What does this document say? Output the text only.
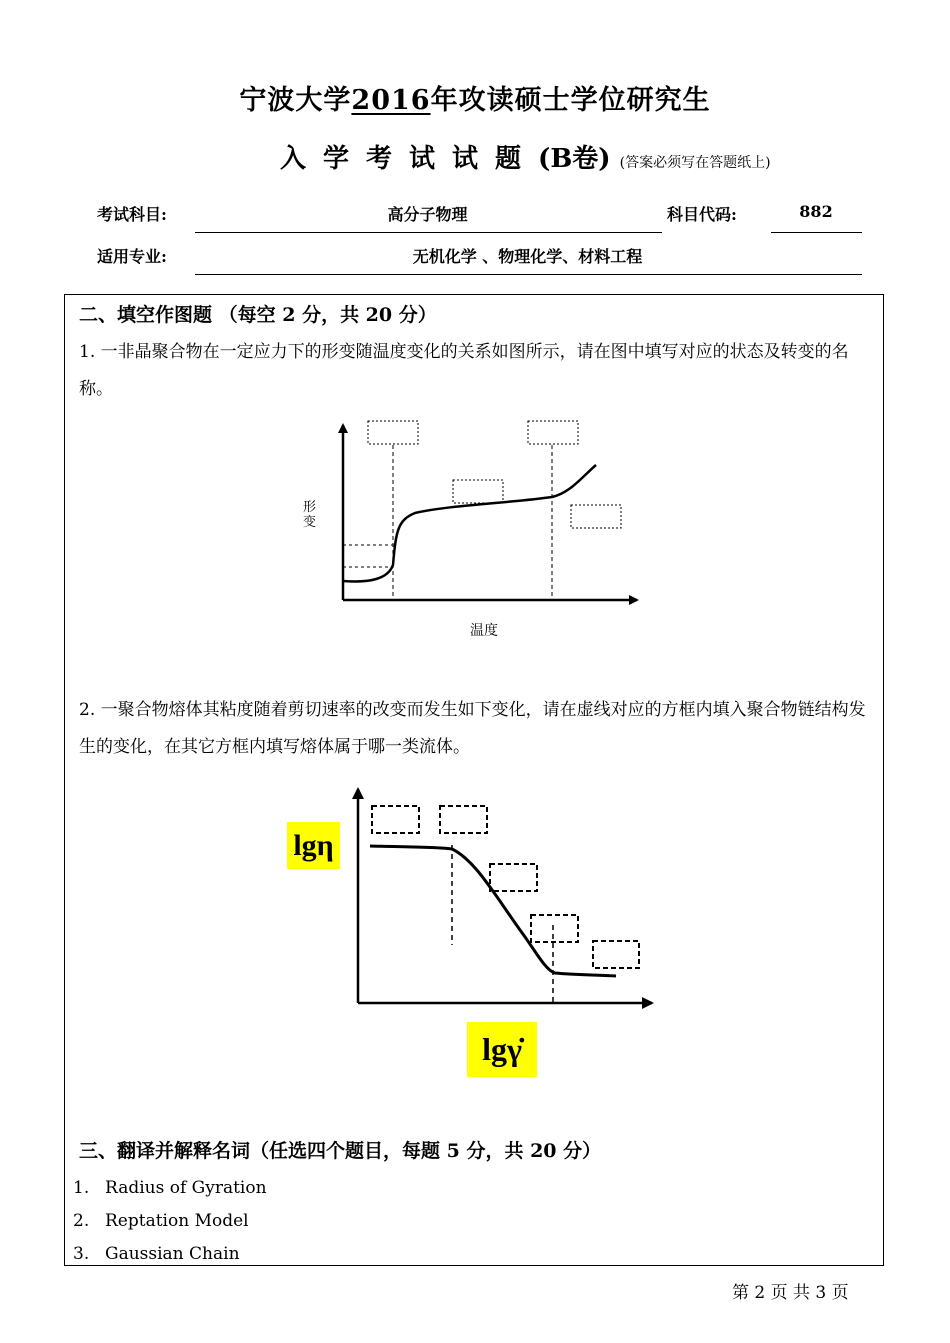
宁波大学2016年攻读硕士学位研究生
入学考试试题(B卷) (答案必须写在答题纸上)
考试科目:	高分子物理	科目代码:	882
适用专业:	无机化学 、物理化学、材料工程
二、填空作图题 （每空 2 分，共 20 分）
1. 一非晶聚合物在一定应力下的形变随温度变化的关系如图所示，请在图中填写对应的状态及转变的名称。
形变
温度
2. 一聚合物熔体其粘度随着剪切速率的改变而发生如下变化，请在虚线对应的方框内填入聚合物链结构发生的变化，在其它方框内填写熔体属于哪一类流体。
lgη
lgγ̇
三、翻译并解释名词（任选四个题目，每题 5 分，共 20 分）
1. Radius of Gyration
2. Reptation Model
3. Gaussian Chain
第 2 页 共 3 页
